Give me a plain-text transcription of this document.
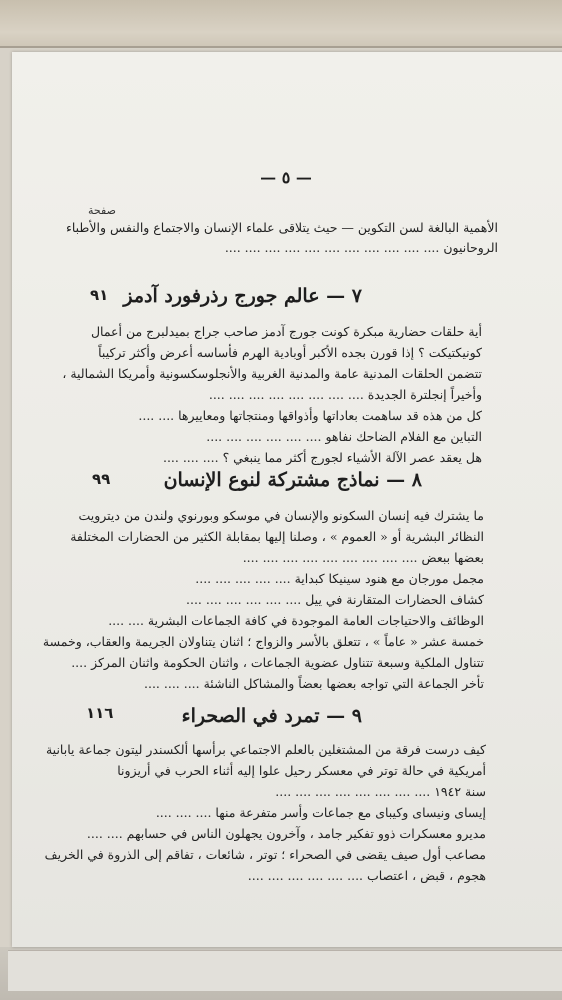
— ٥ —
صفحة
الأهمية البالغة لسن التكوين — حيث يتلاقى علماء الإنسان والاجتماع والنفس والأطباء
الروحانيون .... .... .... .... .... .... .... .... .... .... ....
٧ — عالم جورج رذرفورد آدمز
٩١
أية حلقات حضارية مبكرة كونت جورج آدمز صاحب جراج بميدلبرج من أعمال
كونيكتيكت ؟ إذا قورن بجده الأكبر أوبادية الهرم فأساسه أعرض وأكثر تركيباً
تتضمن الحلقات المدنية عامة والمدنية الغربية والأنجلوسكسونية وأمريكا الشمالية ،
وأخيراً إنجلترة الجديدة .... .... .... .... .... .... .... ....
كل من هذه قد ساهمت بعاداتها وأذواقها ومنتجاتها ومعاييرها .... ....
التباين مع الفلام الضاحك نفاهو .... .... .... .... .... ....
هل يعقد عصر الآلة الأشياء لجورج أكثر مما ينبغي ؟ .... .... ....
٨ — نماذج مشتركة لنوع الإنسان
٩٩
ما يشترك فيه إنسان السكونو والإنسان في موسكو وبورنوي ولندن من ديترويت
النظائر البشرية أو « العموم » ، وصلنا إليها بمقابلة الكثير من الحضارات المختلفة
بعضها ببعض .... .... .... .... .... .... .... .... ....
مجمل مورجان مع هنود سينيكا كبداية .... .... .... .... ....
كشاف الحضارات المتقارنة في ييل .... .... .... .... .... ....
الوظائف والاحتياجات العامة الموجودة في كافة الجماعات البشرية .... ....
خمسة عشر « عاماً » ، تتعلق بالأسر والزواج ؛ اثنان يتناولان الجريمة والعقاب، وخمسة
تتناول الملكية وسبعة تتناول عضوية الجماعات ، واثنان الحكومة واثنان المركز ....
تأخر الجماعة التي تواجه بعضها بعضاً والمشاكل الناشئة .... .... ....
٩ — تمرد في الصحراء
١١٦
كيف درست فرقة من المشتغلين بالعلم الاجتماعي برأسها ألكسندر ليتون جماعة يابانية
أمريكية في حالة توتر في معسكر رحيل علوا إليه أثناء الحرب في أريزونا
سنة ١٩٤٢ .... .... .... .... .... .... .... ....
إيساى ونيساى وكيباى مع جماعات وأسر متفرعة منها .... .... ....
مديرو معسكرات ذوو تفكير جامد ، وآخرون يجهلون الناس في حسابهم .... ....
مصاعب أول صيف يقضى في الصحراء ؛ توتر ، شائعات ، تفاقم إلى الذروة في الخريف
هجوم ، قبض ، اعتصاب .... .... .... .... .... ....
